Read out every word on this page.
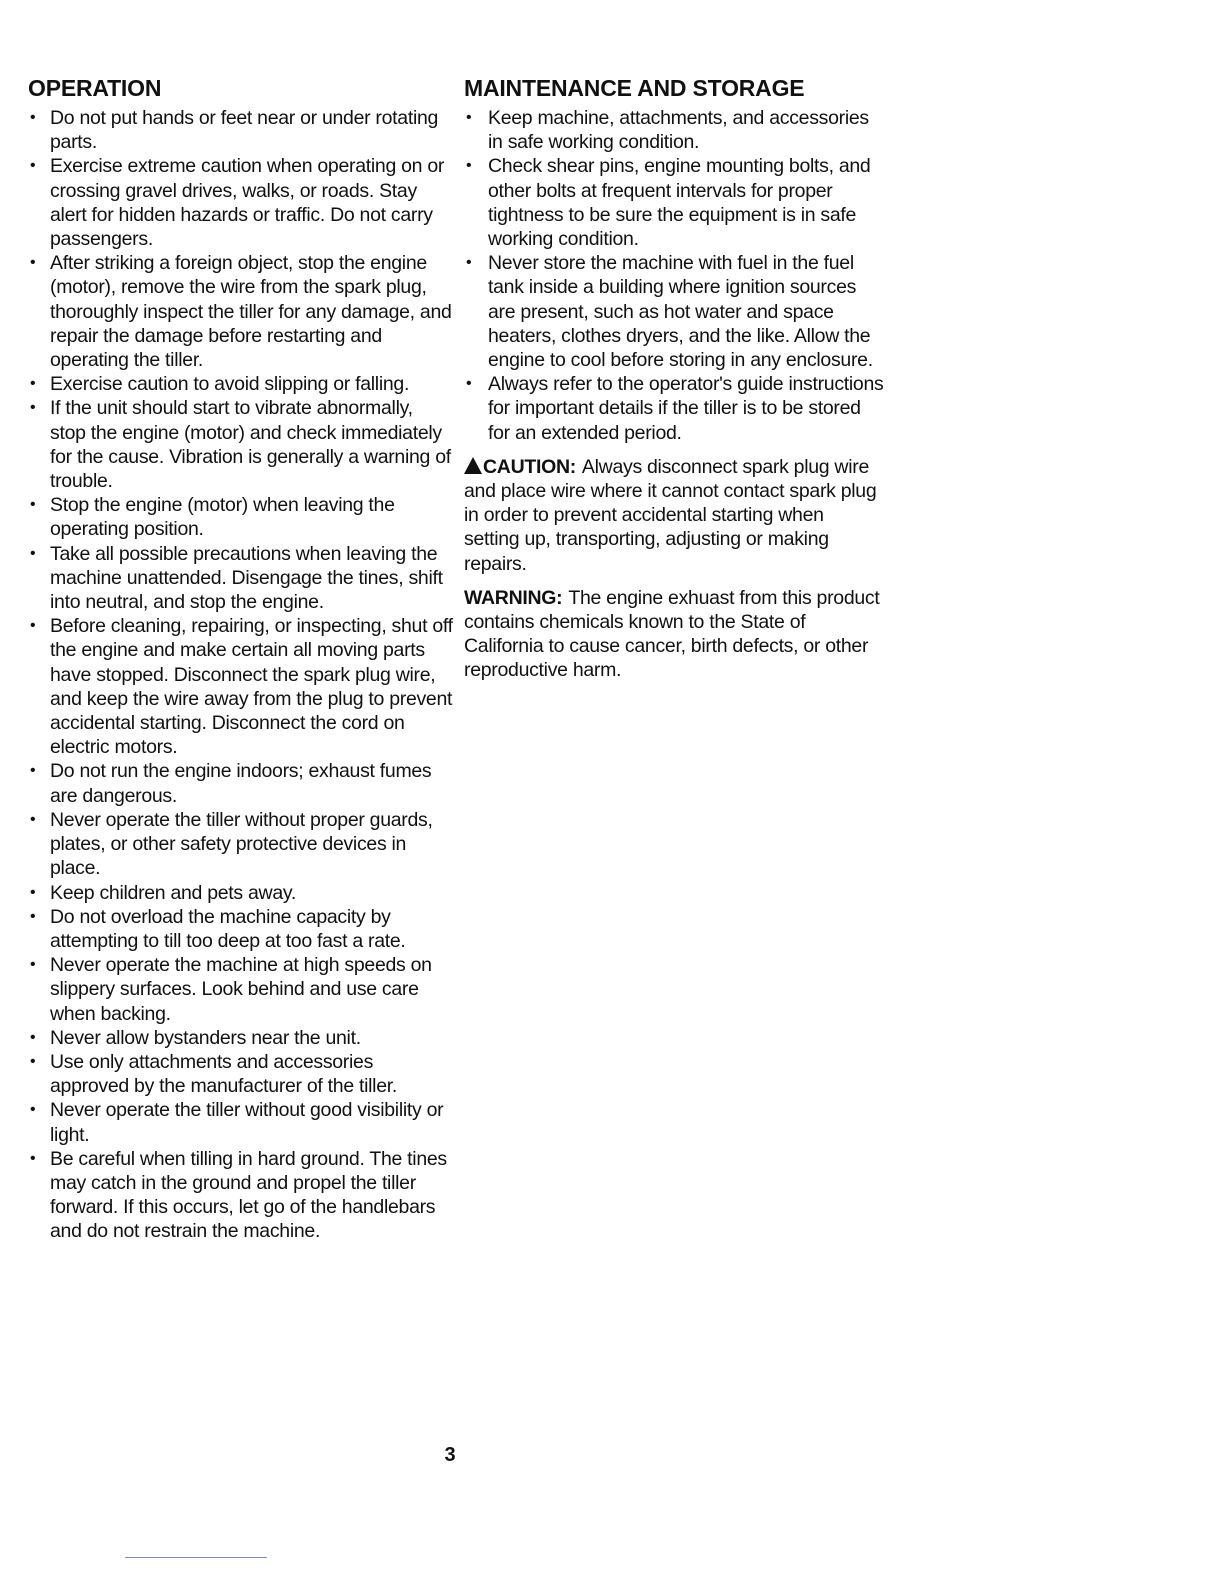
OPERATION
• Do not put hands or feet near or under rotating parts.
• Exercise extreme caution when operating on or crossing gravel drives, walks, or roads. Stay alert for hidden hazards or traffic. Do not carry passengers.
• After striking a foreign object, stop the engine (motor), remove the wire from the spark plug, thoroughly inspect the tiller for any damage, and repair the damage before restarting and operating the tiller.
• Exercise caution to avoid slipping or falling.
• If the unit should start to vibrate abnormally, stop the engine (motor) and check immediately for the cause. Vibration is generally a warning of trouble.
• Stop the engine (motor) when leaving the operating position.
• Take all possible precautions when leaving the machine unattended. Disengage the tines, shift into neutral, and stop the engine.
• Before cleaning, repairing, or inspecting, shut off the engine and make certain all moving parts have stopped. Disconnect the spark plug wire, and keep the wire away from the plug to prevent accidental starting. Disconnect the cord on electric motors.
• Do not run the engine indoors; exhaust fumes are dangerous.
• Never operate the tiller without proper guards, plates, or other safety protective devices in place.
• Keep children and pets away.
• Do not overload the machine capacity by attempting to till too deep at too fast a rate.
• Never operate the machine at high speeds on slippery surfaces. Look behind and use care when backing.
• Never allow bystanders near the unit.
• Use only attachments and accessories approved by the manufacturer of the tiller.
• Never operate the tiller without good visibility or light.
• Be careful when tilling in hard ground. The tines may catch in the ground and propel the tiller forward. If this occurs, let go of the handlebars and do not restrain the machine.
MAINTENANCE AND STORAGE
• Keep machine, attachments, and accessories in safe working condition.
• Check shear pins, engine mounting bolts, and other bolts at frequent intervals for proper tightness to be sure the equipment is in safe working condition.
• Never store the machine with fuel in the fuel tank inside a building where ignition sources are present, such as hot water and space heaters, clothes dryers, and the like. Allow the engine to cool before storing in any enclosure.
• Always refer to the operator's guide instructions for important details if the tiller is to be stored for an extended period.

CAUTION: Always disconnect spark plug wire and place wire where it cannot contact spark plug in order to prevent accidental starting when setting up, transporting, adjusting or making repairs.

WARNING: The engine exhuast from this product contains chemicals known to the State of California to cause cancer, birth defects, or other reproductive harm.

3
